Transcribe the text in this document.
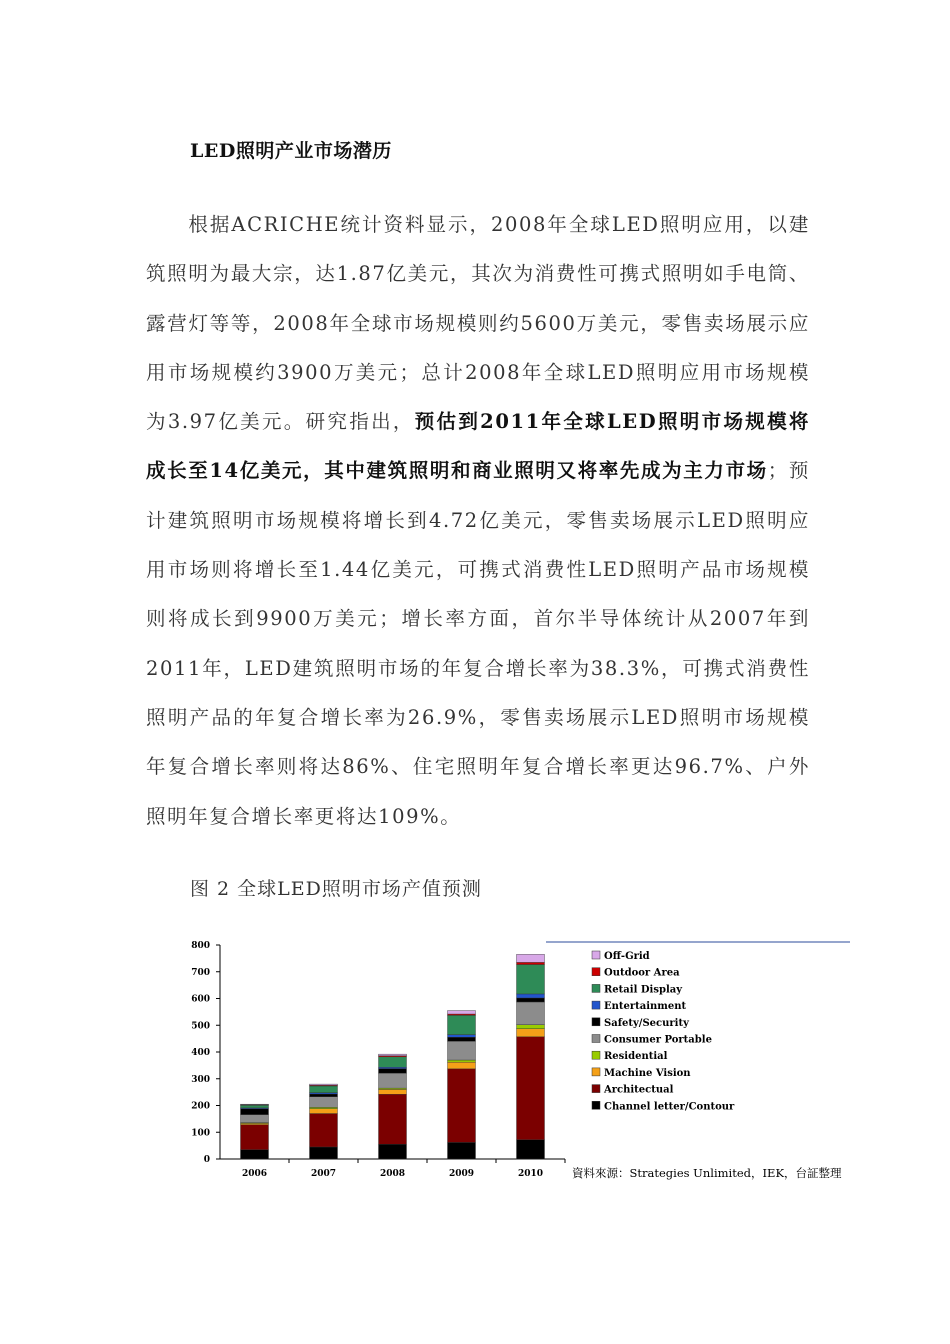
LED照明产业市场潜历
根据ACRICHE统计资料显示，2008年全球LED照明应用，以建筑照明为最大宗，达1.87亿美元，其次为消费性可携式照明如手电筒、露营灯等等，2008年全球市场规模则约5600万美元，零售卖场展示应用市场规模约3900万美元；总计2008年全球LED照明应用市场规模为3.97亿美元。研究指出，预估到2011年全球LED照明市场规模将成长至14亿美元，其中建筑照明和商业照明又将率先成为主力市场；预计建筑照明市场规模将增长到4.72亿美元，零售卖场展示LED照明应用市场则将增长至1.44亿美元，可携式消费性LED照明产品市场规模则将成长到9900万美元；增长率方面，首尔半导体统计从2007年到2011年，LED建筑照明市场的年复合增长率为38.3%，可携式消费性照明产品的年复合增长率为26.9%，零售卖场展示LED照明市场规模年复合增长率则将达86%、住宅照明年复合增长率更达96.7%、户外照明年复合增长率更将达109%。
图 2 全球LED照明市场产值预测
0
100
200
300
400
500
600
700
800
2006	2007	2008	2009	2010
Off-Grid
Outdoor Area
Retail Display
Entertainment
Safety/Security
Consumer Portable
Residential
Machine Vision
Architectual
Channel letter/Contour
資料來源：Strategies Unlimited，IEK，台証整理
